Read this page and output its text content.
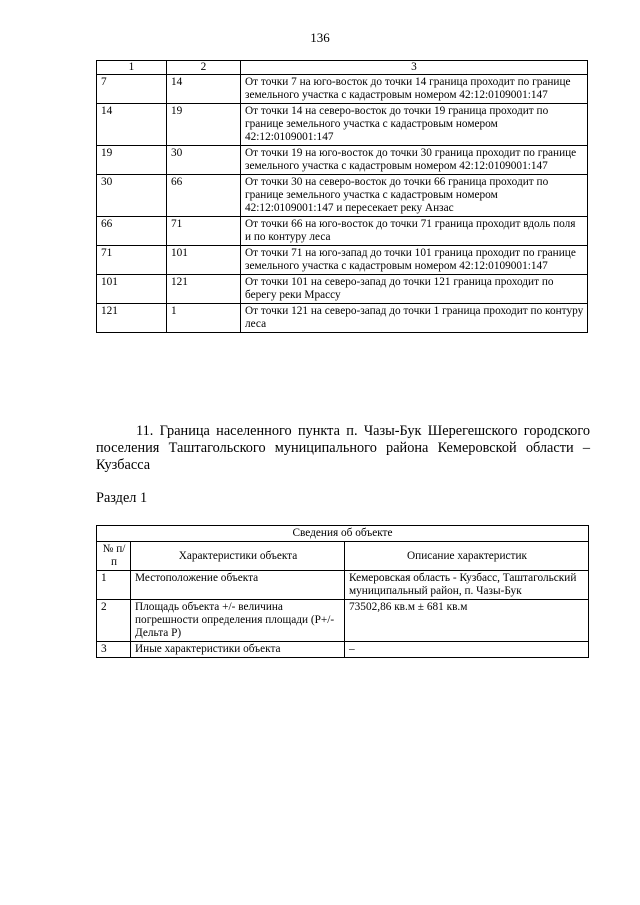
136
1	2	3
7	14	От точки 7 на юго-восток до точки 14 граница проходит по границе земельного участка с кадастровым номером 42:12:0109001:147
14	19	От точки 14 на северо-восток до точки 19 граница проходит по границе земельного участка с кадастровым номером 42:12:0109001:147
19	30	От точки 19 на юго-восток до точки 30 граница проходит по границе земельного участка с кадастровым номером 42:12:0109001:147
30	66	От точки 30 на северо-восток до точки 66 граница проходит по границе земельного участка с кадастровым номером 42:12:0109001:147 и пересекает реку Анзас
66	71	От точки 66 на юго-восток до точки 71 граница проходит вдоль поля и по контуру леса
71	101	От точки 71 на юго-запад до точки 101 граница проходит по границе земельного участка с кадастровым номером 42:12:0109001:147
101	121	От точки 101 на северо-запад до точки 121 граница проходит по берегу реки Мрассу
121	1	От точки 121 на северо-запад до точки 1 граница проходит по контуру леса
11. Граница населенного пункта п. Чазы-Бук Шерегешского городского поселения Таштагольского муниципального района Кемеровской области – Кузбасса
Раздел 1
Сведения об объекте		
№ п/п	Характеристики объекта	Описание характеристик
1	Местоположение объекта	Кемеровская область - Кузбасс, Таштагольский муниципальный район, п. Чазы-Бук
2	Площадь объекта +/- величина погрешности определения площади (Р+/- Дельта Р)	73502,86 кв.м ± 681 кв.м
3	Иные характеристики объекта	–
